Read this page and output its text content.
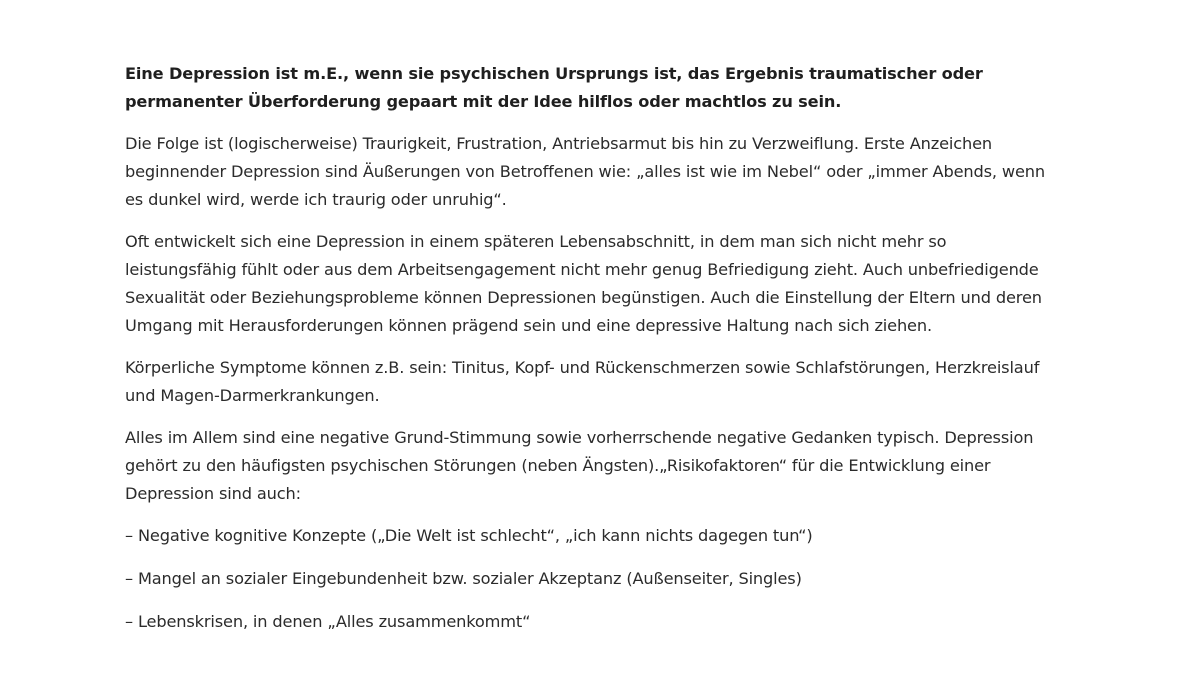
Eine Depression ist m.E., wenn sie psychischen Ursprungs ist, das Ergebnis traumatischer oder permanenter Überforderung gepaart mit der Idee hilflos oder machtlos zu sein.

Die Folge ist (logischerweise) Traurigkeit, Frustration, Antriebsarmut bis hin zu Verzweiflung. Erste Anzeichen beginnender Depression sind Äußerungen von Betroffenen wie: „alles ist wie im Nebel“ oder „immer Abends, wenn es dunkel wird, werde ich traurig oder unruhig“.

Oft entwickelt sich eine Depression in einem späteren Lebensabschnitt, in dem man sich nicht mehr so leistungsfähig fühlt oder aus dem Arbeitsengagement nicht mehr genug Befriedigung zieht. Auch unbefriedigende Sexualität oder Beziehungsprobleme können Depressionen begünstigen. Auch die Einstellung der Eltern und deren Umgang mit Herausforderungen können prägend sein und eine depressive Haltung nach sich ziehen.

Körperliche Symptome können z.B. sein: Tinitus, Kopf- und Rückenschmerzen sowie Schlafstörungen, Herzkreislauf und Magen-Darmerkrankungen.

Alles im Allem sind eine negative Grund-Stimmung sowie vorherrschende negative Gedanken typisch. Depression gehört zu den häufigsten psychischen Störungen (neben Ängsten).„Risikofaktoren“ für die Entwicklung einer Depression sind auch:

– Negative kognitive Konzepte („Die Welt ist schlecht“, „ich kann nichts dagegen tun“)

– Mangel an sozialer Eingebundenheit bzw. sozialer Akzeptanz (Außenseiter, Singles)

– Lebenskrisen, in denen „Alles zusammenkommt“
